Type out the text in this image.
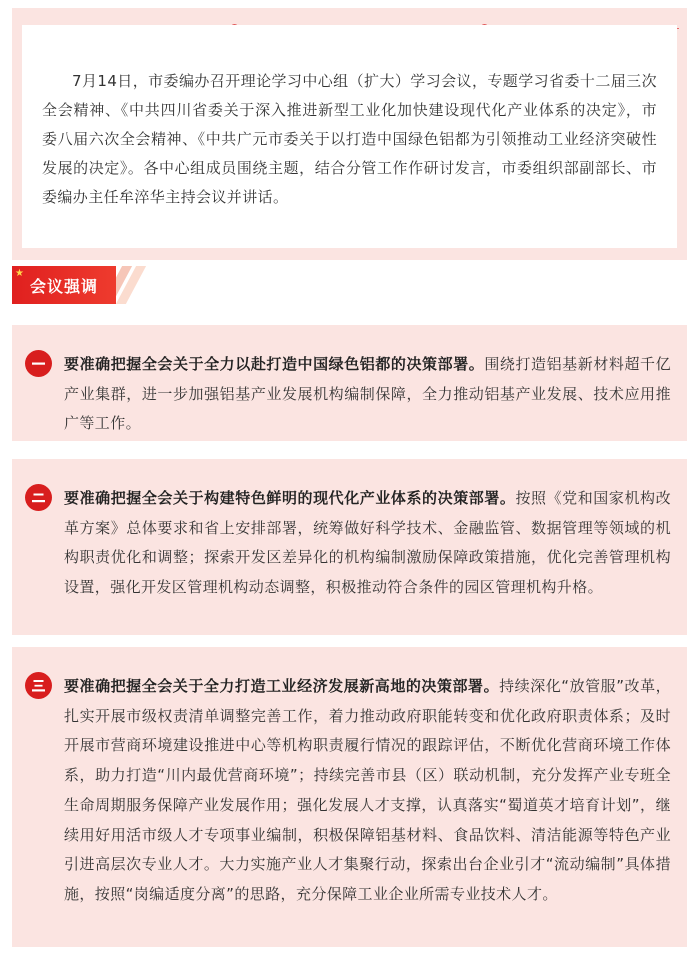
7月14日，市委编办召开理论学习中心组（扩大）学习会议，专题学习省委十二届三次全会精神、《中共四川省委关于深入推进新型工业化加快建设现代化产业体系的决定》，市委八届六次全会精神、《中共广元市委关于以打造中国绿色铝都为引领推动工业经济突破性发展的决定》。各中心组成员围绕主题，结合分管工作作研讨发言，市委组织部副部长、市委编办主任牟淬华主持会议并讲话。

★
会议强调

要准确把握全会关于全力以赴打造中国绿色铝都的决策部署。围绕打造铝基新材料超千亿产业集群，进一步加强铝基产业发展机构编制保障，全力推动铝基产业发展、技术应用推广等工作。

要准确把握全会关于构建特色鲜明的现代化产业体系的决策部署。按照《党和国家机构改革方案》总体要求和省上安排部署，统筹做好科学技术、金融监管、数据管理等领域的机构职责优化和调整；探索开发区差异化的机构编制激励保障政策措施，优化完善管理机构设置，强化开发区管理机构动态调整，积极推动符合条件的园区管理机构升格。

要准确把握全会关于全力打造工业经济发展新高地的决策部署。持续深化“放管服”改革，扎实开展市级权责清单调整完善工作，着力推动政府职能转变和优化政府职责体系；及时开展市营商环境建设推进中心等机构职责履行情况的跟踪评估，不断优化营商环境工作体系，助力打造“川内最优营商环境”；持续完善市县（区）联动机制，充分发挥产业专班全生命周期服务保障产业发展作用；强化发展人才支撑，认真落实“蜀道英才培育计划”，继续用好用活市级人才专项事业编制，积极保障铝基材料、食品饮料、清洁能源等特色产业引进高层次专业人才。大力实施产业人才集聚行动，探索出台企业引才“流动编制”具体措施，按照“岗编适度分离”的思路，充分保障工业企业所需专业技术人才。
